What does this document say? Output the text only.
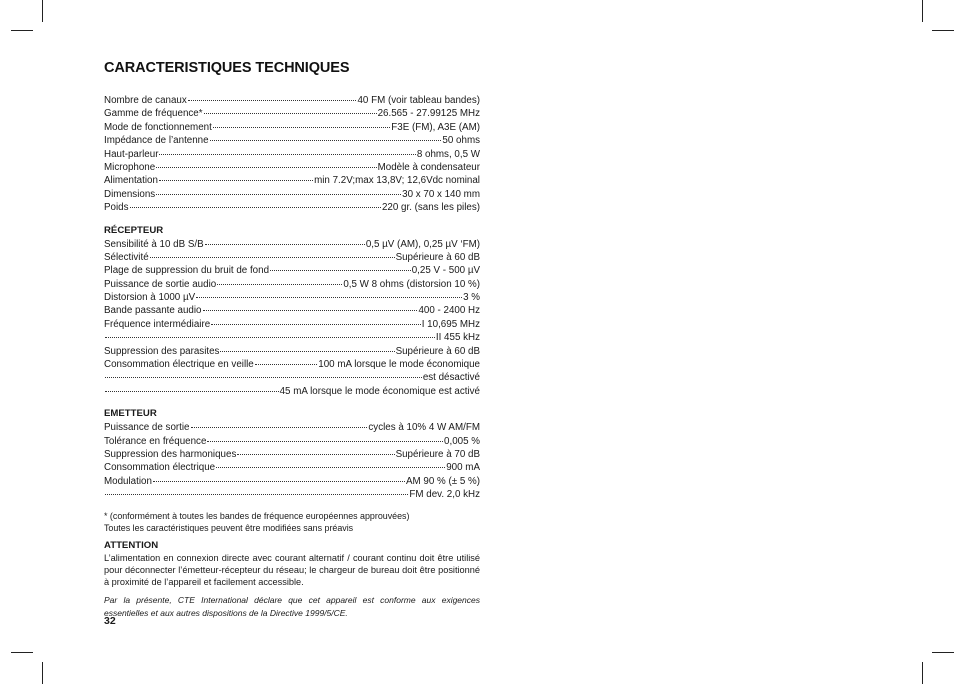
CARACTERISTIQUES TECHNIQUES
Nombre de canaux	40 FM (voir tableau bandes)
Gamme de fréquence*	26.565 - 27.99125 MHz
Mode de fonctionnement	F3E (FM), A3E (AM)
Impédance de l’antenne	50 ohms
Haut-parleur	8 ohms, 0,5 W
Microphone	Modèle à condensateur
Alimentation	min 7.2V;max 13,8V; 12,6Vdc nominal
Dimensions	30 x 70 x 140 mm
Poids	220 gr. (sans les piles)
RÉCEPTEUR
Sensibilité à 10 dB S/B	0,5 µV (AM), 0,25 µV ‘FM)
Sélectivité	Supérieure à 60 dB
Plage de suppression du bruit de fond	0,25 V - 500 µV
Puissance de sortie audio	0,5 W 8 ohms (distorsion 10 %)
Distorsion à 1000 µV	3 %
Bande passante audio	400 - 2400 Hz
Fréquence intermédiaire	I 10,695 MHz
II 455 kHz
Suppression des parasites	Supérieure à 60 dB
Consommation électrique en veille	100 mA lorsque le mode économique
est désactivé
45 mA lorsque le mode économique est activé
EMETTEUR
Puissance de sortie	cycles à 10% 4 W AM/FM
Tolérance en fréquence	0,005 %
Suppression des harmoniques	Supérieure à 70 dB
Consommation électrique	900 mA
Modulation	AM 90 % (± 5 %)
FM dev. 2,0 kHz
* (conformément à toutes les bandes de fréquence européennes approuvées)
Toutes les caractéristiques peuvent être modifiées sans préavis
ATTENTION

L’alimentation en connexion directe avec courant alternatif / courant continu doit être utilisé pour déconnecter l’émetteur-récepteur du réseau; le chargeur de bureau doit être positionné à proximité de l’appareil et facilement accessible.

Par la présente, CTE International déclare que cet appareil est conforme aux exigences essentielles et aux autres dispositions de la Directive 1999/5/CE.
32
